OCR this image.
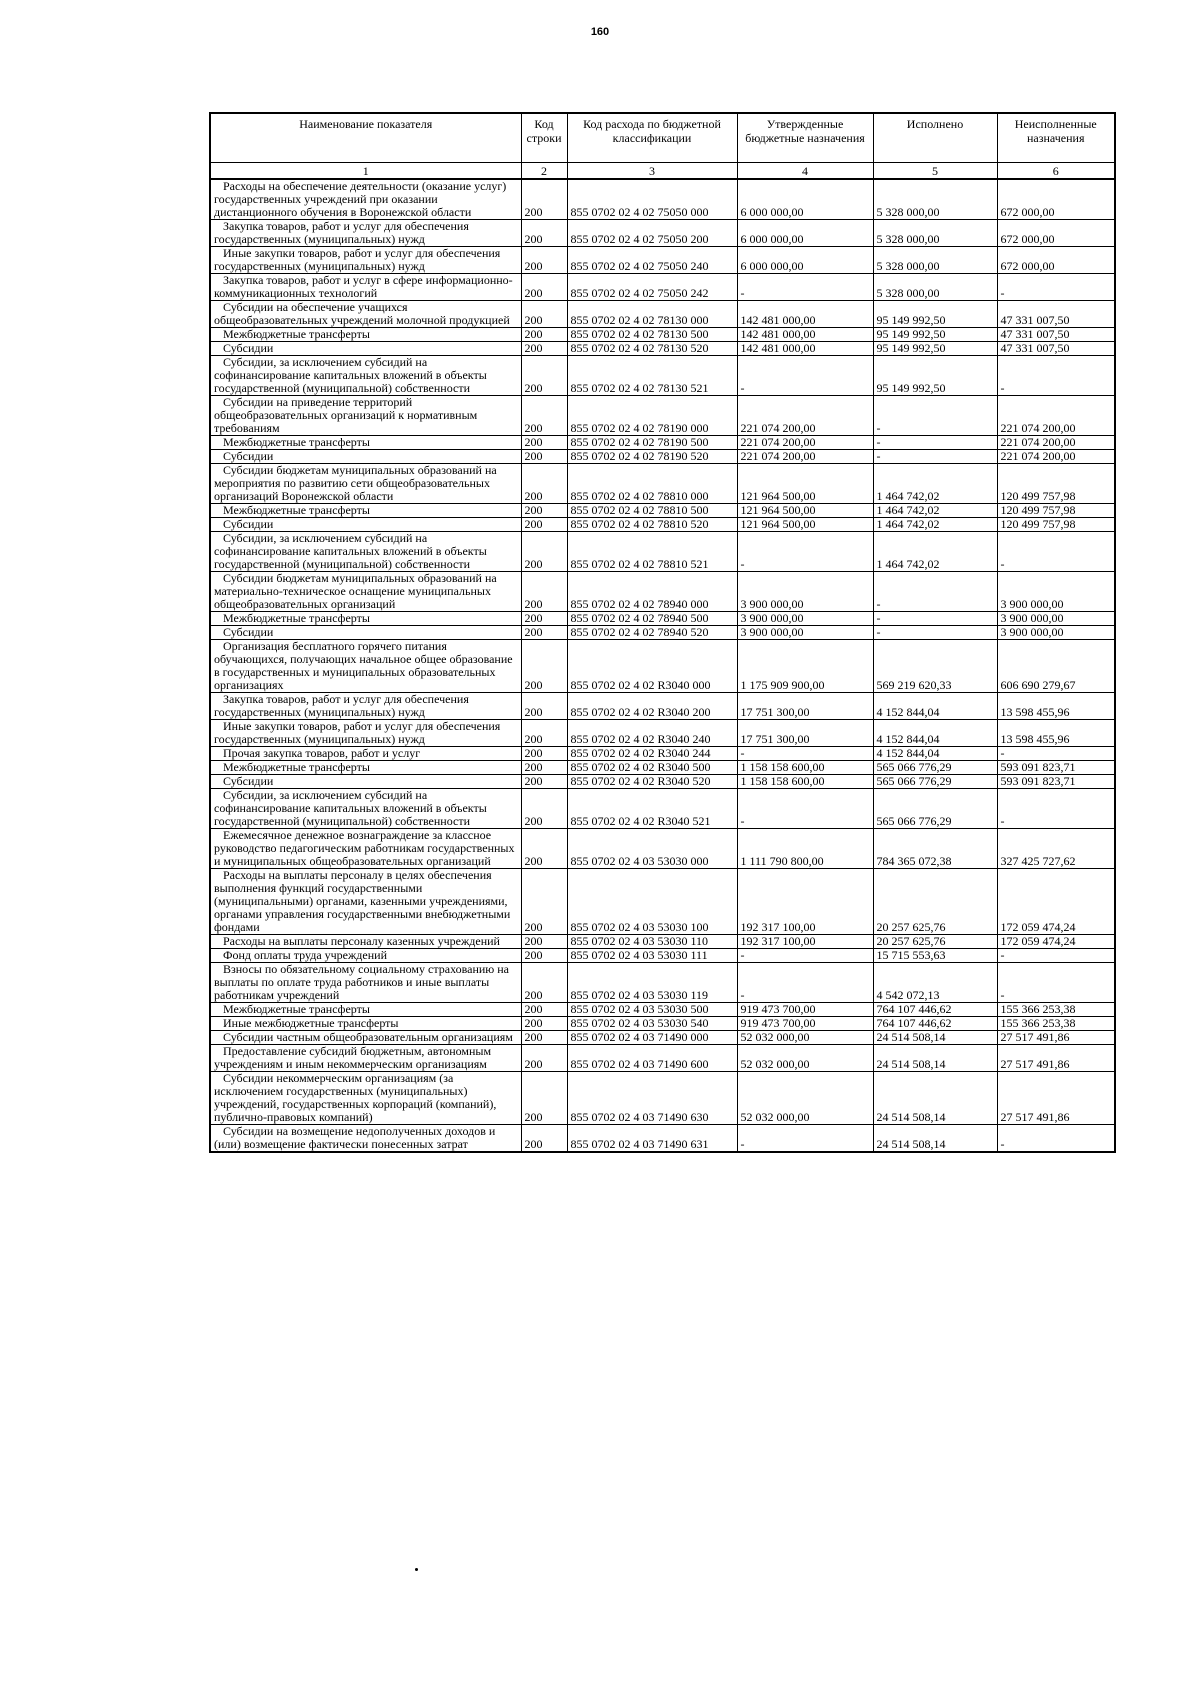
160
Наименование показателя	Код строки	Код расхода по бюджетной классификации	Утвержденные бюджетные назначения	Исполнено	Неисполненные назначения
1	2	3	4	5	6
Расходы на обеспечение деятельности (оказание услуг) государственных учреждений при оказании дистанционного обучения в Воронежской области	200	855 0702 02 4 02 75050 000	6 000 000,00	5 328 000,00	672 000,00
Закупка товаров, работ и услуг для обеспечения государственных (муниципальных) нужд	200	855 0702 02 4 02 75050 200	6 000 000,00	5 328 000,00	672 000,00
Иные закупки товаров, работ и услуг для обеспечения государственных (муниципальных) нужд	200	855 0702 02 4 02 75050 240	6 000 000,00	5 328 000,00	672 000,00
Закупка товаров, работ и услуг в сфере информационно-коммуникационных технологий	200	855 0702 02 4 02 75050 242	-	5 328 000,00	-
Субсидии на обеспечение учащихся общеобразовательных учреждений молочной продукцией	200	855 0702 02 4 02 78130 000	142 481 000,00	95 149 992,50	47 331 007,50
Межбюджетные трансферты	200	855 0702 02 4 02 78130 500	142 481 000,00	95 149 992,50	47 331 007,50
Субсидии	200	855 0702 02 4 02 78130 520	142 481 000,00	95 149 992,50	47 331 007,50
Субсидии, за исключением субсидий на софинансирование капитальных вложений в объекты государственной (муниципальной) собственности	200	855 0702 02 4 02 78130 521	-	95 149 992,50	-
Субсидии на приведение территорий общеобразовательных организаций к нормативным требованиям	200	855 0702 02 4 02 78190 000	221 074 200,00	-	221 074 200,00
Межбюджетные трансферты	200	855 0702 02 4 02 78190 500	221 074 200,00	-	221 074 200,00
Субсидии	200	855 0702 02 4 02 78190 520	221 074 200,00	-	221 074 200,00
Субсидии бюджетам муниципальных образований на мероприятия по развитию сети общеобразовательных организаций Воронежской области	200	855 0702 02 4 02 78810 000	121 964 500,00	1 464 742,02	120 499 757,98
Межбюджетные трансферты	200	855 0702 02 4 02 78810 500	121 964 500,00	1 464 742,02	120 499 757,98
Субсидии	200	855 0702 02 4 02 78810 520	121 964 500,00	1 464 742,02	120 499 757,98
Субсидии, за исключением субсидий на софинансирование капитальных вложений в объекты государственной (муниципальной) собственности	200	855 0702 02 4 02 78810 521	-	1 464 742,02	-
Субсидии бюджетам муниципальных образований на материально-техническое оснащение муниципальных общеобразовательных организаций	200	855 0702 02 4 02 78940 000	3 900 000,00	-	3 900 000,00
Межбюджетные трансферты	200	855 0702 02 4 02 78940 500	3 900 000,00	-	3 900 000,00
Субсидии	200	855 0702 02 4 02 78940 520	3 900 000,00	-	3 900 000,00
Организация бесплатного горячего питания обучающихся, получающих начальное общее образование в государственных и муниципальных образовательных организациях	200	855 0702 02 4 02 R3040 000	1 175 909 900,00	569 219 620,33	606 690 279,67
Закупка товаров, работ и услуг для обеспечения государственных (муниципальных) нужд	200	855 0702 02 4 02 R3040 200	17 751 300,00	4 152 844,04	13 598 455,96
Иные закупки товаров, работ и услуг для обеспечения государственных (муниципальных) нужд	200	855 0702 02 4 02 R3040 240	17 751 300,00	4 152 844,04	13 598 455,96
Прочая закупка товаров, работ и услуг	200	855 0702 02 4 02 R3040 244	-	4 152 844,04	-
Межбюджетные трансферты	200	855 0702 02 4 02 R3040 500	1 158 158 600,00	565 066 776,29	593 091 823,71
Субсидии	200	855 0702 02 4 02 R3040 520	1 158 158 600,00	565 066 776,29	593 091 823,71
Субсидии, за исключением субсидий на софинансирование капитальных вложений в объекты государственной (муниципальной) собственности	200	855 0702 02 4 02 R3040 521	-	565 066 776,29	-
Ежемесячное денежное вознаграждение за классное руководство педагогическим работникам государственных и муниципальных общеобразовательных организаций	200	855 0702 02 4 03 53030 000	1 111 790 800,00	784 365 072,38	327 425 727,62
Расходы на выплаты персоналу в целях обеспечения выполнения функций государственными (муниципальными) органами, казенными учреждениями, органами управления государственными внебюджетными фондами	200	855 0702 02 4 03 53030 100	192 317 100,00	20 257 625,76	172 059 474,24
Расходы на выплаты персоналу казенных учреждений	200	855 0702 02 4 03 53030 110	192 317 100,00	20 257 625,76	172 059 474,24
Фонд оплаты труда учреждений	200	855 0702 02 4 03 53030 111	-	15 715 553,63	-
Взносы по обязательному социальному страхованию на выплаты по оплате труда работников и иные выплаты работникам учреждений	200	855 0702 02 4 03 53030 119	-	4 542 072,13	-
Межбюджетные трансферты	200	855 0702 02 4 03 53030 500	919 473 700,00	764 107 446,62	155 366 253,38
Иные межбюджетные трансферты	200	855 0702 02 4 03 53030 540	919 473 700,00	764 107 446,62	155 366 253,38
Субсидии частным общеобразовательным организациям	200	855 0702 02 4 03 71490 000	52 032 000,00	24 514 508,14	27 517 491,86
Предоставление субсидий бюджетным, автономным учреждениям и иным некоммерческим организациям	200	855 0702 02 4 03 71490 600	52 032 000,00	24 514 508,14	27 517 491,86
Субсидии некоммерческим организациям (за исключением государственных (муниципальных) учреждений, государственных корпораций (компаний), публично-правовых компаний)	200	855 0702 02 4 03 71490 630	52 032 000,00	24 514 508,14	27 517 491,86
Субсидии на возмещение недополученных доходов и (или) возмещение фактически понесенных затрат	200	855 0702 02 4 03 71490 631	-	24 514 508,14	-
